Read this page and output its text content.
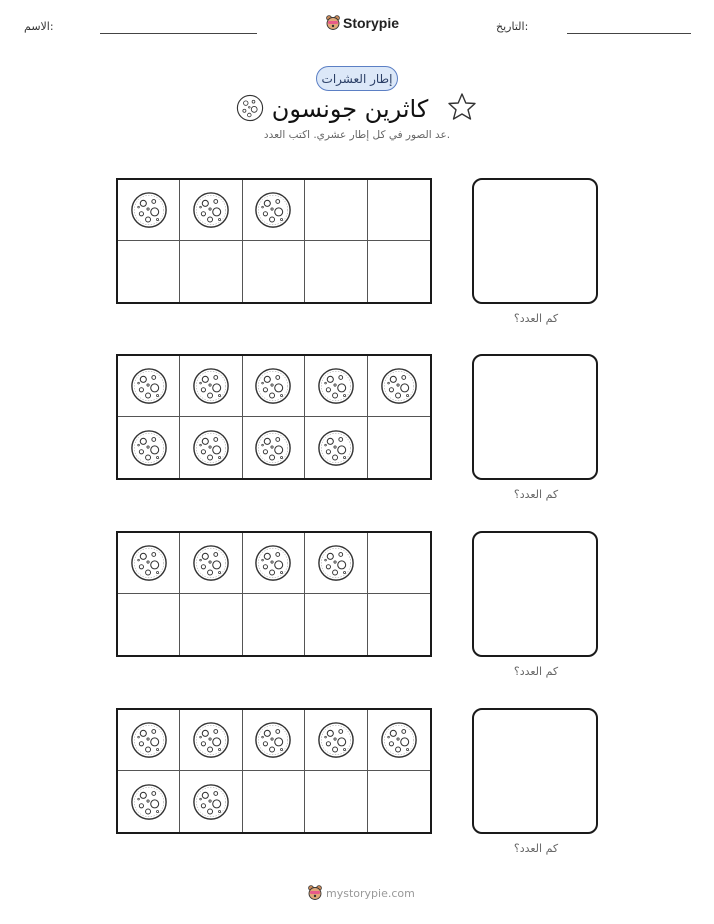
الاسم:	Storypie	التاريخ:
إطار العشرات
كاثرين جونسون
عد الصور في كل إطار عشري. اكتب العدد.
كم العدد؟
كم العدد؟
كم العدد؟
كم العدد؟
mystorypie.com
